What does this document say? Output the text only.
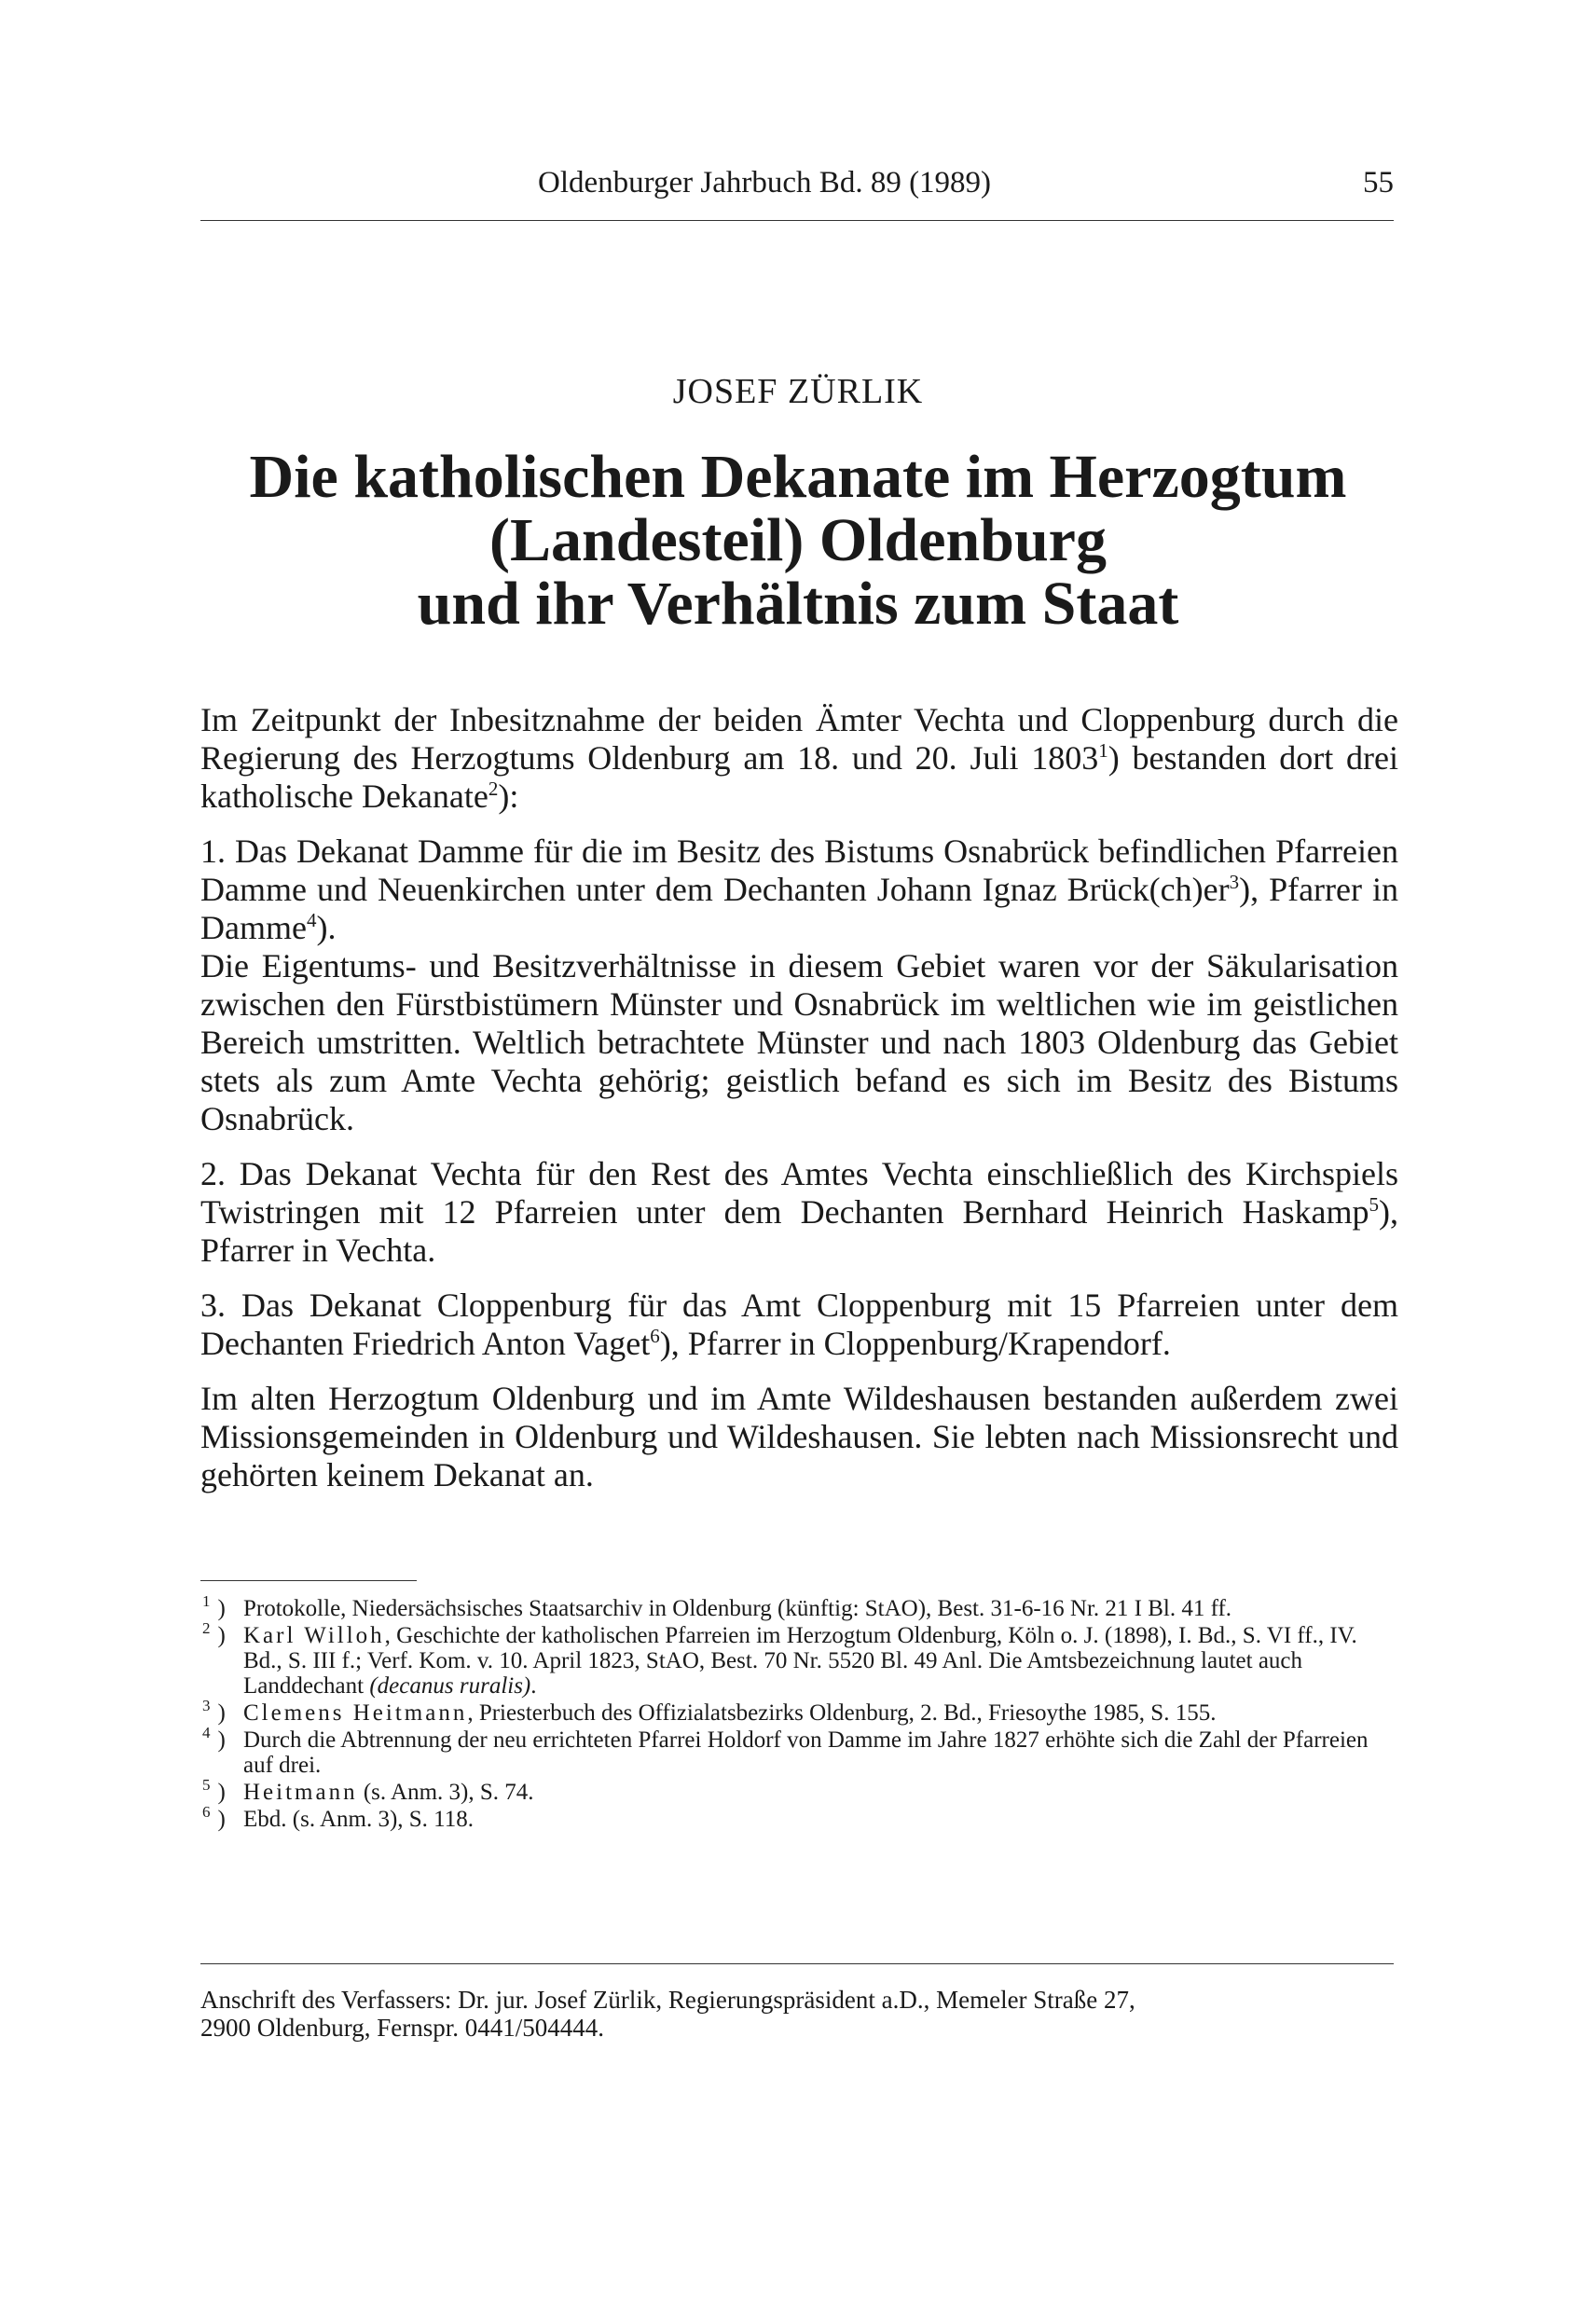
Oldenburger Jahrbuch Bd. 89 (1989)	55
JOSEF ZÜRLIK
Die katholischen Dekanate im Herzogtum
(Landesteil) Oldenburg
und ihr Verhältnis zum Staat

Im Zeitpunkt der Inbesitznahme der beiden Ämter Vechta und Cloppenburg durch die Regierung des Herzogtums Oldenburg am 18. und 20. Juli 1803$^1$) bestanden dort drei katholische Dekanate$^2$):

1. Das Dekanat Damme für die im Besitz des Bistums Osnabrück befindlichen Pfarreien Damme und Neuenkirchen unter dem Dechanten Johann Ignaz $Brück(ch)er^3$), Pfarrer in Damme$^4$).

Die Eigentums- und Besitzverhältnisse in diesem Gebiet waren vor der Säkularisation zwischen den Fürstbistümern Münster und Osnabrück im weltlichen wie im geistlichen Bereich umstritten. Weltlich betrachtete Münster und nach 1803 Oldenburg das Gebiet stets als zum Amte Vechta gehörig; geistlich befand es sich im Besitz des Bistums Osnabrück.

2. Das Dekanat Vechta für den Rest des Amtes Vechta einschließlich des Kirchspiels Twistringen mit 12 Pfarreien unter dem Dechanten Bernhard Heinrich Haskamp$^5$), Pfarrer in Vechta.

3. Das Dekanat Cloppenburg für das Amt Cloppenburg mit 15 Pfarreien unter dem Dechanten Friedrich Anton Vaget$^6$), Pfarrer in Cloppenburg/Krapendorf.

Im alten Herzogtum Oldenburg und im Amte Wildeshausen bestanden außerdem zwei Missionsgemeinden in Oldenburg und Wildeshausen. Sie lebten nach Missionsrecht und gehörten keinem Dekanat an.

$^1$ ) Protokolle, Niedersächsisches Staatsarchiv in Oldenburg (künftig: StAO), Best. 31-6-16 Nr. 21 I Bl. 41 ff.
$^2$ ) Karl Willoh, Geschichte der katholischen Pfarreien im Herzogtum Oldenburg, Köln o. J. (1898), I. Bd., S. VI ff., IV. Bd., S. III f.; Verf. Kom. v. 10. April 1823, StAO, Best. 70 Nr. 5520 Bl. 49 Anl. Die Amtsbezeichnung lautet auch Landdechant (decanus ruralis).
$^3$ ) Clemens Heitmann, Priesterbuch des Offizialatsbezirks Oldenburg, 2. Bd., Friesoythe 1985, S. 155.
$^4$ ) Durch die Abtrennung der neu errichteten Pfarrei Holdorf von Damme im Jahre 1827 erhöhte sich die Zahl der Pfarreien auf drei.
$^5$ ) Heitmann (s. Anm. 3), S. 74.
$^6$ ) Ebd. (s. Anm. 3), S. 118.
Anschrift des Verfassers: Dr. jur. Josef Zürlik, Regierungspräsident a.D., Memeler Straße 27,
2900 Oldenburg, Fernspr. 0441/504444.
